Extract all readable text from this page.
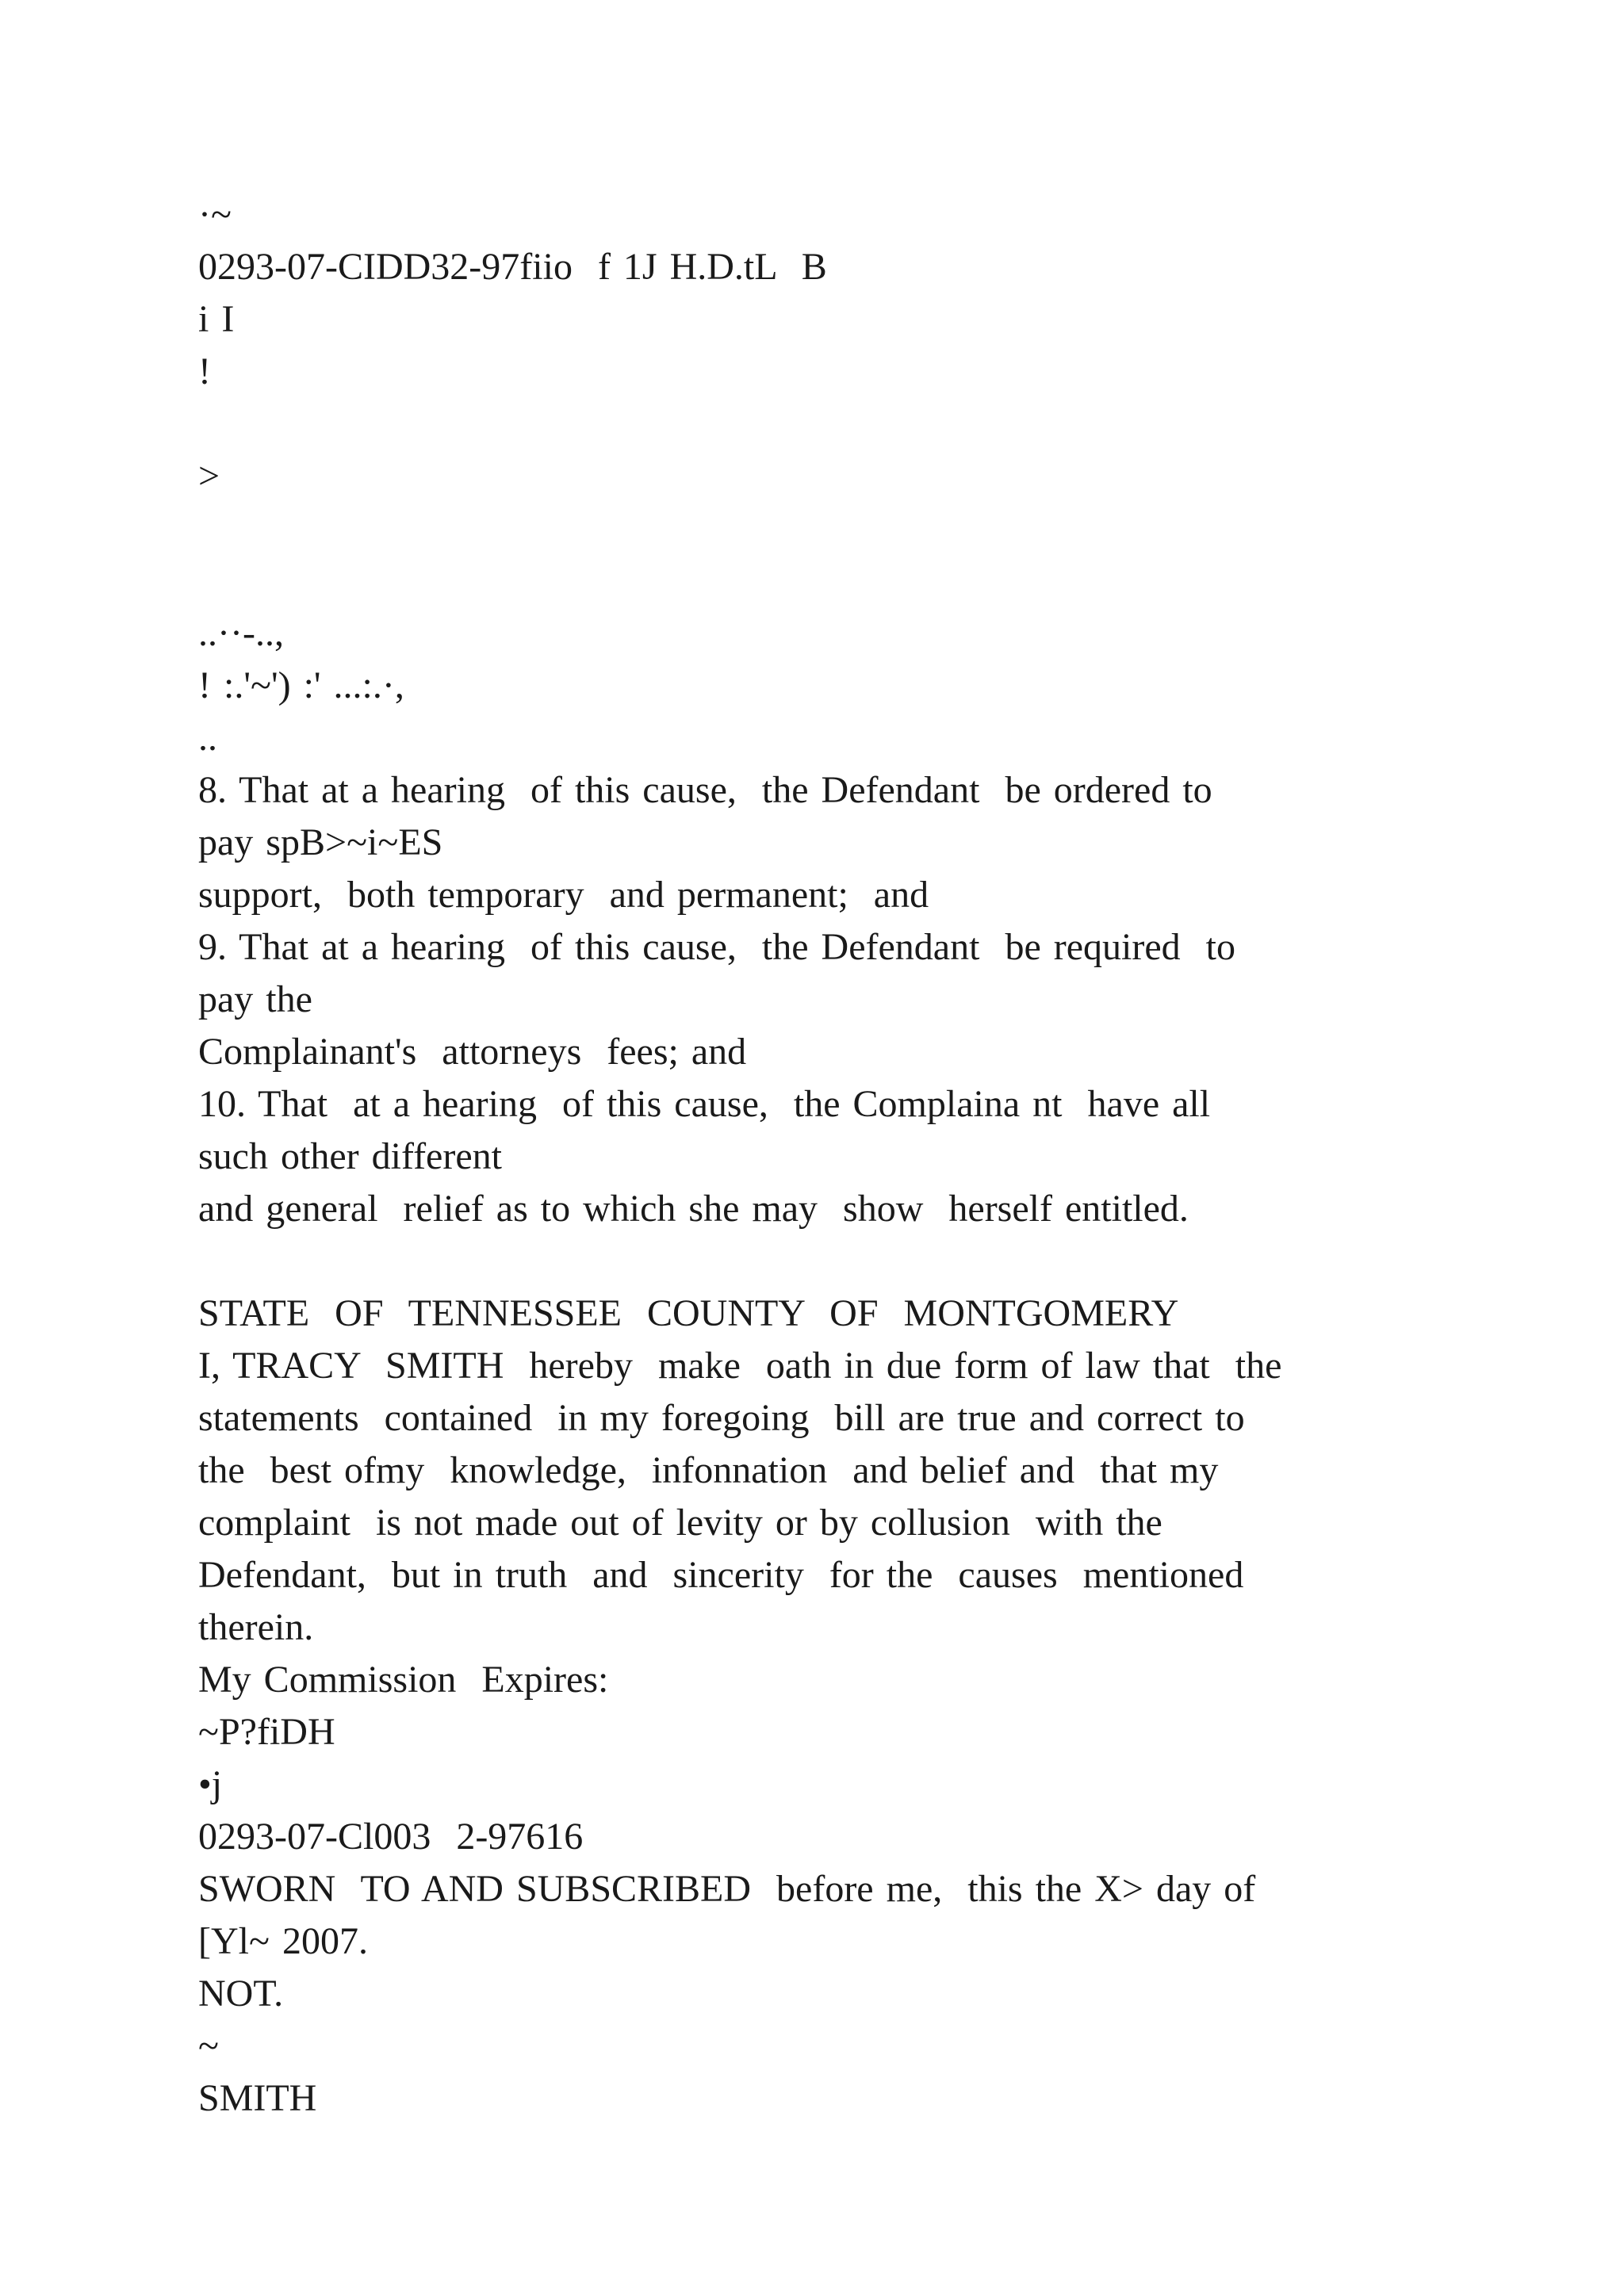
·~
0293-07-CIDD32-97fiio  f 1J H.D.tL  B
i I
!
>
..··-..,
! :.'~') :' ...:.·,
..
8. That at a hearing  of this cause,  the Defendant  be ordered to
pay spB>~i~ES
support,  both temporary  and permanent;  and
9. That at a hearing  of this cause,  the Defendant  be required  to
pay the
Complainant's  attorneys  fees; and
10. That  at a hearing  of this cause,  the Complaina nt  have all
such other different
and general  relief as to which she may  show  herself entitled.
STATE  OF  TENNESSEE  COUNTY  OF  MONTGOMERY
I, TRACY  SMITH  hereby  make  oath in due form of law that  the
statements  contained  in my foregoing  bill are true and correct to
the  best ofmy  knowledge,  infonnation  and belief and  that my
complaint  is not made out of levity or by collusion  with the
Defendant,  but in truth  and  sincerity  for the  causes  mentioned
therein.
My Commission  Expires:
~P?fiDH
•j
0293-07-Cl003  2-97616
SWORN  TO AND SUBSCRIBED  before me,  this the X> day of
[Yl~ 2007.
NOT.
~
SMITH
